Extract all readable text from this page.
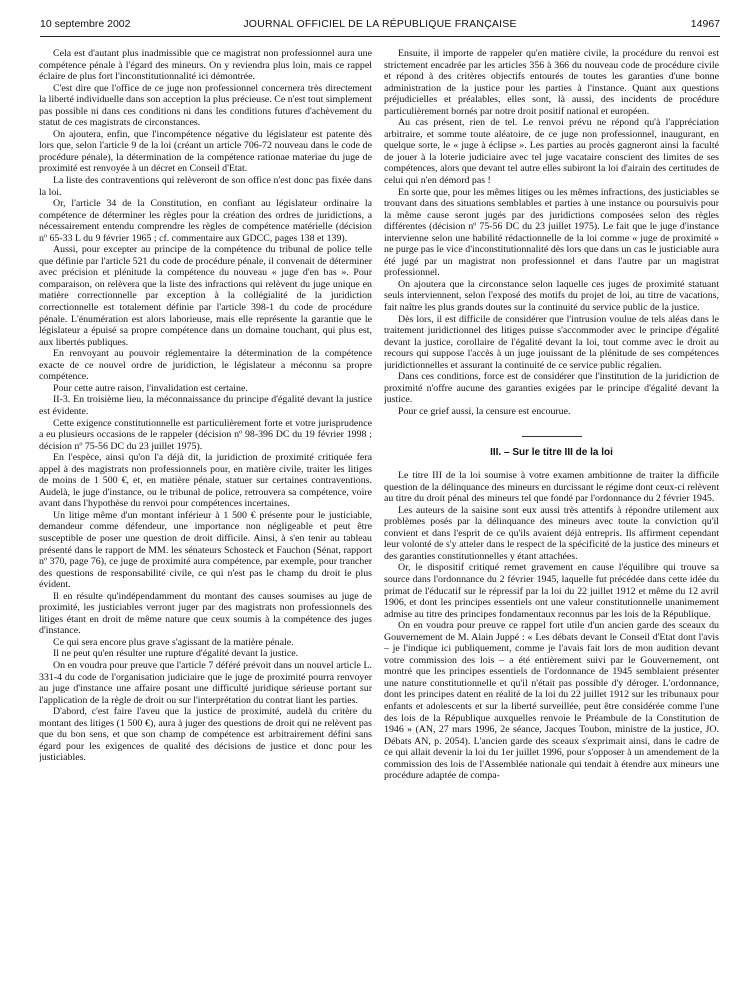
10 septembre 2002	JOURNAL OFFICIEL DE LA RÉPUBLIQUE FRANÇAISE	14967

Cela est d'autant plus inadmissible que ce magistrat non professionnel aura une compétence pénale à l'égard des mineurs. On y reviendra plus loin, mais ce rappel éclaire de plus fort l'inconstitutionnalité ici démontrée.

C'est dire que l'office de ce juge non professionnel concernera très directement la liberté individuelle dans son acception la plus précieuse. Ce n'est tout simplement pas possible ni dans ces conditions ni dans les conditions futures d'achèvement du statut de ces magistrats de circonstances.

On ajoutera, enfin, que l'incompétence négative du législateur est patente dès lors que, selon l'article 9 de la loi (créant un article 706-72 nouveau dans le code de procédure pénale), la détermination de la compétence rationae materiae du juge de proximité est renvoyée à un décret en Conseil d'Etat.

La liste des contraventions qui relèveront de son office n'est donc pas fixée dans la loi.

Or, l'article 34 de la Constitution, en confiant au législateur ordinaire la compétence de déterminer les règles pour la création des ordres de juridictions, a nécessairement entendu comprendre les règles de compétence matérielle (décision nº 65-33 L du 9 février 1965 ; cf. commentaire aux GDCC, pages 138 et 139).

Aussi, pour excepter au principe de la compétence du tribunal de police telle que définie par l'article 521 du code de procédure pénale, il convenait de déterminer avec précision et plénitude la compétence du nouveau « juge d'en bas ». Pour comparaison, on relèvera que la liste des infractions qui relèvent du juge unique en matière correctionnelle par exception à la collégialité de la juridiction correctionnelle est totalement définie par l'article 398-1 du code de procédure pénale. L'énumération est alors laborieuse, mais elle représente la garantie que le législateur a épuisé sa propre compétence dans un domaine touchant, qui plus est, aux libertés publiques.

En renvoyant au pouvoir réglementaire la détermination de la compétence exacte de ce nouvel ordre de juridiction, le législateur a méconnu sa propre compétence.

Pour cette autre raison, l'invalidation est certaine.

II-3. En troisième lieu, la méconnaissance du principe d'égalité devant la justice est évidente.

Cette exigence constitutionnelle est particulièrement forte et votre jurisprudence a eu plusieurs occasions de le rappeler (décision nº 98-396 DC du 19 février 1998 ; décision nº 75-56 DC du 23 juillet 1975).

En l'espèce, ainsi qu'on l'a déjà dit, la juridiction de proximité critiquée fera appel à des magistrats non professionnels pour, en matière civile, traiter les litiges de moins de 1 500 €, et, en matière pénale, statuer sur certaines contraventions. Audelà, le juge d'instance, ou le tribunal de police, retrouvera sa compétence, voire avant dans l'hypothèse du renvoi pour compétences incertaines.

Un litige même d'un montant inférieur à 1 500 € présente pour le justiciable, demandeur comme défendeur, une importance non négligeable et peut être susceptible de poser une question de droit difficile. Ainsi, à s'en tenir au tableau présenté dans le rapport de MM. les sénateurs Schosteck et Fauchon (Sénat, rapport nº 370, page 76), ce juge de proximité aura compétence, par exemple, pour trancher des questions de responsabilité civile, ce qui n'est pas le champ du droit le plus évident.

Il en résulte qu'indépendamment du montant des causes soumises au juge de proximité, les justiciables verront juger par des magistrats non professionnels des litiges étant en droit de même nature que ceux soumis à la compétence des juges d'instance.

Ce qui sera encore plus grave s'agissant de la matière pénale.

Il ne peut qu'en résulter une rupture d'égalité devant la justice.

On en voudra pour preuve que l'article 7 déféré prévoit dans un nouvel article L. 331-4 du code de l'organisation judiciaire que le juge de proximité pourra renvoyer au juge d'instance une affaire posant une difficulté juridique sérieuse portant sur l'application de la règle de droit ou sur l'interprétation du contrat liant les parties.

D'abord, c'est faire l'aveu que la justice de proximité, audelà du critère du montant des litiges (1 500 €), aura à juger des questions de droit qui ne relèvent pas que du bon sens, et que son champ de compétence est arbitrairement défini sans égard pour les exigences de qualité des décisions de justice et donc pour les justiciables.

Ensuite, il importe de rappeler qu'en matière civile, la procédure du renvoi est strictement encadrée par les articles 356 à 366 du nouveau code de procédure civile et répond à des critères objectifs entourés de toutes les garanties d'une bonne administration de la justice pour les parties à l'instance. Quant aux questions préjudicielles et préalables, elles sont, là aussi, des incidents de procédure particulièrement bornés par notre droit positif national et européen.

Au cas présent, rien de tel. Le renvoi prévu ne répond qu'à l'appréciation arbitraire, et somme toute aléatoire, de ce juge non professionnel, inaugurant, en quelque sorte, le « juge à éclipse ». Les parties au procès gagneront ainsi la faculté de jouer à la loterie judiciaire avec tel juge vacataire conscient des limites de ses compétences, alors que devant tel autre elles subiront la loi d'airain des certitudes de celui qui n'en démord pas !

En sorte que, pour les mêmes litiges ou les mêmes infractions, des justiciables se trouvant dans des situations semblables et parties à une instance ou poursuivis pour la même cause seront jugés par des juridictions composées selon des règles différentes (décision nº 75-56 DC du 23 juillet 1975). Le fait que le juge d'instance intervienne selon une habilité rédactionnelle de la loi comme « juge de proximité » ne purge pas le vice d'inconstitutionnalité dès lors que dans un cas le justiciable aura été jugé par un magistrat non professionnel et dans l'autre par un magistrat professionnel.

On ajoutera que la circonstance selon laquelle ces juges de proximité statuant seuls interviennent, selon l'exposé des motifs du projet de loi, au titre de vacations, fait naître les plus grands doutes sur la continuité du service public de la justice.

Dès lors, il est difficile de considérer que l'intrusion voulue de tels aléas dans le traitement juridictionnel des litiges puisse s'accommoder avec le principe d'égalité devant la justice, corollaire de l'égalité devant la loi, tout comme avec le droit au recours qui suppose l'accès à un juge jouissant de la plénitude de ses compétences juridictionnelles et assurant la continuité de ce service public régalien.

Dans ces conditions, force est de considérer que l'institution de la juridiction de proximité n'offre aucune des garanties exigées par le principe d'égalité devant la justice.

Pour ce grief aussi, la censure est encourue.

III. – Sur le titre III de la loi

Le titre III de la loi soumise à votre examen ambitionne de traiter la difficile question de la délinquance des mineurs en durcissant le régime dont ceux-ci relèvent au titre du droit pénal des mineurs tel que fondé par l'ordonnance du 2 février 1945.

Les auteurs de la saisine sont eux aussi très attentifs à répondre utilement aux problèmes posés par la délinquance des mineurs avec toute la conviction qu'il convient et dans l'esprit de ce qu'ils avaient déjà entrepris. Ils affirment cependant leur volonté de s'y atteler dans le respect de la spécificité de la justice des mineurs et des garanties constitutionnelles y étant attachées.

Or, le dispositif critiqué remet gravement en cause l'équilibre qui trouve sa source dans l'ordonnance du 2 février 1945, laquelle fut précédée dans cette idée du primat de l'éducatif sur le répressif par la loi du 22 juillet 1912 et même du 12 avril 1906, et dont les principes essentiels ont une valeur constitutionnelle unanimement admise au titre des principes fondamentaux reconnus par les lois de la République.

On en voudra pour preuve ce rappel fort utile d'un ancien garde des sceaux du Gouvernement de M. Alain Juppé : « Les débats devant le Conseil d'Etat dont l'avis – je l'indique ici publiquement, comme je l'avais fait lors de mon audition devant votre commission des lois – a été entièrement suivi par le Gouvernement, ont montré que les principes essentiels de l'ordonnance de 1945 semblaient présenter une nature constitutionnelle et qu'il n'était pas possible d'y déroger. L'ordonnance, dont les principes datent en réalité de la loi du 22 juillet 1912 sur les tribunaux pour enfants et adolescents et sur la liberté surveillée, peut être considérée comme l'une des lois de la République auxquelles renvoie le Préambule de la Constitution de 1946 » (AN, 27 mars 1996, 2e séance, Jacques Toubon, ministre de la justice, JO. Débats AN, p. 2054). L'ancien garde des sceaux s'exprimait ainsi, dans le cadre de ce qui allait devenir la loi du 1er juillet 1996, pour s'opposer à un amendement de la commission des lois de l'Assemblée nationale qui tendait à étendre aux mineurs une procédure adaptée de compa-
